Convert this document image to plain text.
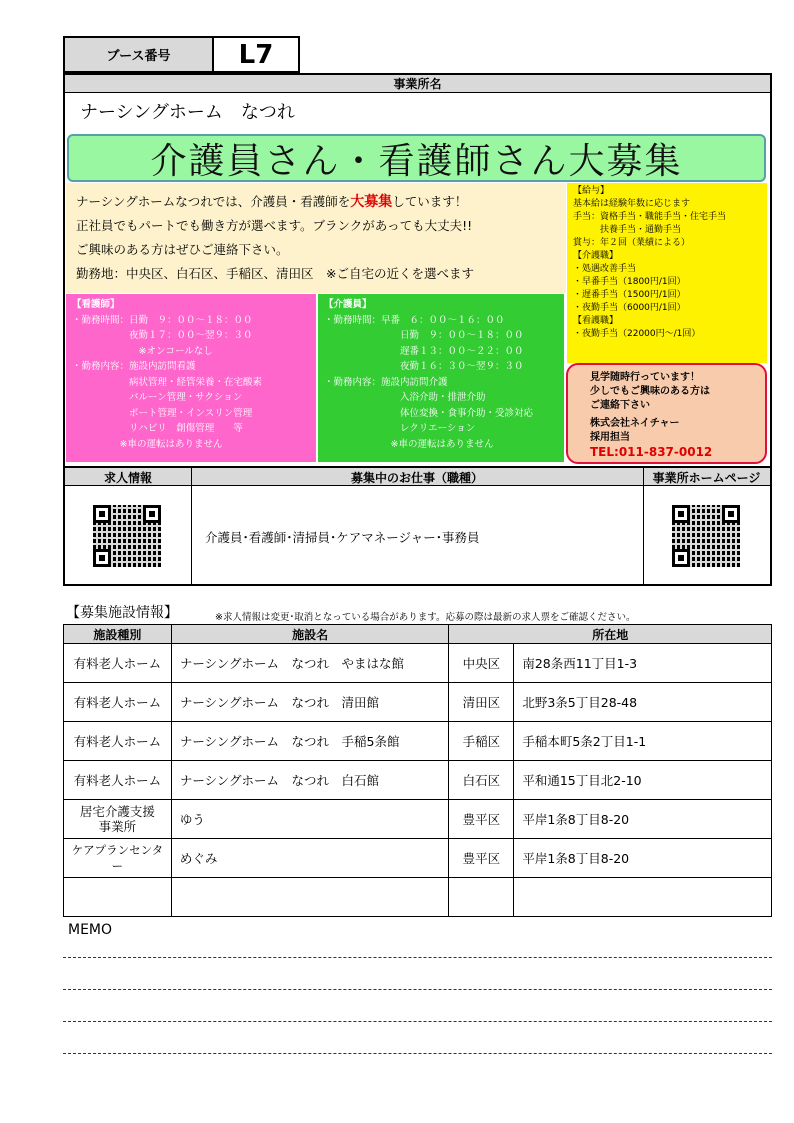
ブース番号	L7
事業所名
ナーシングホーム　なつれ
介護員さん・看護師さん大募集
ナーシングホームなつれでは、介護員・看護師を大募集しています！
正社員でもパートでも働き方が選べます。ブランクがあっても大丈夫!!
ご興味のある方はぜひご連絡下さい。
勤務地：中央区、白石区、手稲区、清田区　※ご自宅の近くを選べます
【給与】
基本給は経験年数に応じます
手当：資格手当・職能手当・住宅手当
　　　扶養手当・通勤手当
賞与：年２回（業績による）
【介護職】
・処遇改善手当
・早番手当（1800円/1回）
・遅番手当（1500円/1回）
・夜勤手当（6000円/1回）
【看護職】
・夜勤手当（22000円～/1回）
【看護師】
・勤務時間：日勤　９：００～１８：００
　　　　　　夜勤１７：００～翌９：３０
　　　　　　　※オンコールなし
・勤務内容：施設内訪問看護
　　　　　　病状管理・経管栄養・在宅酸素
　　　　　　バルーン管理・サクション
　　　　　　ポート管理・インスリン管理
　　　　　　リハビリ　創傷管理　　等
　　　　　※車の運転はありません
【介護員】
・勤務時間：早番　６：００～１６：００
　　　　　　　　日勤　９：００～１８：００
　　　　　　　　遅番１３：００～２２：００
　　　　　　　　夜勤１６：３０～翌９：３０
・勤務内容：施設内訪問介護
　　　　　　　　入浴介助・排泄介助
　　　　　　　　体位変換・食事介助・受診対応
　　　　　　　　レクリエーション
　　　　　　　※車の運転はありません
見学随時行っています！
少しでもご興味のある方は
ご連絡下さい
株式会社ネイチャー
採用担当
TEL:011-837-0012
求人情報	募集中のお仕事（職種）	事業所ホームページ
介護員･看護師･清掃員･ケアマネージャー･事務員
【募集施設情報】	※求人情報は変更･取消となっている場合があります。応募の際は最新の求人票をご確認ください。
施設種別	施設名	所在地	
有料老人ホーム	ナーシングホーム　なつれ　やまはな館	中央区	南28条西11丁目1-3
有料老人ホーム	ナーシングホーム　なつれ　清田館	清田区	北野3条5丁目28-48
有料老人ホーム	ナーシングホーム　なつれ　手稲5条館	手稲区	手稲本町5条2丁目1-1
有料老人ホーム	ナーシングホーム　なつれ　白石館	白石区	平和通15丁目北2-10

居宅介護支援
事業所	ゆう	豊平区	平岸1条8丁目8-20
ケアプランセンター	めぐみ	豊平区	平岸1条8丁目8-20

MEMO
